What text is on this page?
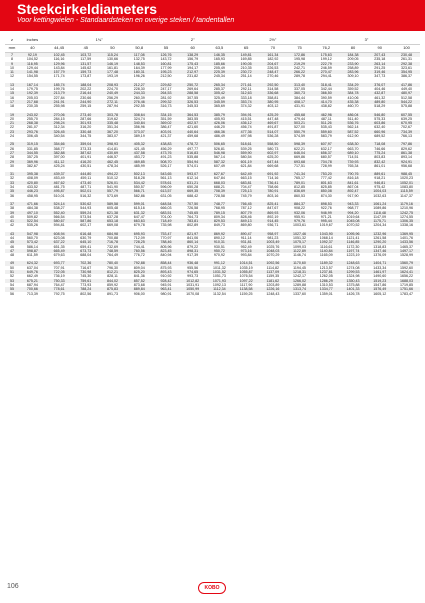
Steekcirkeldiameters
Voor kettingwielen - Standaardsteken en overige steken / tandentallen
z	inches	1¾"				2"			2½"			3"			
mm	40	44,45	45	50	50,8	55	60	63,5	65	70	75	76,2	80	90	100
7	92,19	102,45	103,72	115,24	117,08	126,76	138,29	146,35	149,81	161,34	172,86	175,63	184,38	207,43	230,48
8	104,52	116,16	117,59	130,66	132,75	143,72	156,79	165,93	169,85	182,92	195,98	199,12	209,05	235,18	261,31
9	116,95	129,96	131,57	146,19	148,53	160,81	175,43	185,66	190,05	204,67	219,29	222,79	233,90	263,14	292,38
10	129,44	143,84	145,62	161,81	164,39	177,99	194,17	205,49	210,35	226,53	242,71	246,59	258,89	291,25	323,61
11	141,98	157,79	159,73	177,48	180,31	195,23	212,97	225,39	230,72	248,47	266,22	270,47	283,96	319,46	354,95
12	154,55	171,74	173,87	193,19	196,26	212,50	231,82	245,34	251,14	270,46	289,78	294,41	309,10	347,73	386,37

13	167,14	185,74	188,04	208,93	212,27	229,82	250,72	265,34	271,61	292,50	313,40	318,41	334,29	376,07	417,86
14	179,75	199,76	202,22	224,70	228,30	247,17	269,64	285,37	292,11	314,58	337,05	342,44	359,52	404,46	449,40
15	192,39	213,79	216,44	240,49	244,33	264,53	288,58	305,42	312,63	336,68	360,73	366,50	384,78	432,87	480,97
16	205,03	227,84	230,66	256,29	260,39	281,92	307,55	325,49	333,18	358,81	384,44	390,59	410,06	461,32	512,58
17	217,68	241,91	244,90	272,11	276,46	299,32	326,53	345,59	353,74	380,95	408,17	414,70	435,38	489,80	544,22
18	230,35	255,98	259,15	287,94	292,55	316,73	345,53	365,69	374,32	403,12	431,91	438,82	460,70	518,29	575,88

19	243,02	270,06	273,40	303,78	308,64	334,15	364,53	385,79	394,91	425,29	455,68	462,96	486,04	546,80	607,55
20	255,70	284,15	287,66	319,62	324,74	351,59	383,55	405,93	415,51	447,48	479,44	487,11	511,40	575,33	639,25
21	268,38	298,24	301,93	335,48	340,84	369,02	402,57	426,06	436,12	469,67	503,21	511,26	536,76	603,86	670,95
22	281,07	312,34	316,20	351,34	356,96	386,47	421,60	446,20	456,74	491,87	527,00	535,43	562,14	632,40	702,67
23	293,76	326,45	330,48	367,20	373,07	403,91	440,64	466,36	477,36	514,07	550,79	559,60	587,52	660,96	734,39
24	306,45	340,54	344,75	383,07	389,19	421,37	459,68	486,49	497,98	536,28	574,59	583,79	612,90	689,52	766,13

25	319,15	354,66	359,04	398,93	405,32	438,83	478,72	506,65	518,61	558,50	598,39	607,97	638,30	718,08	797,86
26	331,85	368,77	373,33	414,81	421,45	456,29	497,77	526,81	539,25	580,73	622,21	632,17	663,70	746,66	829,62
27	344,55	382,88	387,62	430,69	437,58	473,76	516,83	546,98	559,90	602,97	646,04	656,37	689,10	775,24	861,38
28	357,25	397,00	401,91	446,57	453,72	491,23	535,88	567,14	580,54	625,20	669,86	680,57	714,51	803,83	893,14
29	369,96	411,12	416,20	462,45	469,85	508,70	554,94	587,32	601,19	647,44	693,68	704,78	739,93	832,42	924,91
30	382,67	425,24	430,51	478,34	485,99	526,17	574,01	607,49	621,84	669,68	717,51	728,99	765,34	861,01	956,68

31	395,38	439,37	444,80	494,22	502,13	543,65	593,07	627,67	642,49	691,92	741,34	753,20	790,76	889,61	988,45
32	408,09	453,49	459,11	510,12	518,28	561,13	612,14	647,84	663,15	714,16	765,17	777,42	816,18	918,21	1020,23
33	420,80	467,62	473,40	526,01	534,42	578,61	631,21	668,03	683,81	736,41	789,01	801,63	841,61	946,81	1052,01
34	433,52	481,75	487,71	541,90	550,57	596,09	650,28	688,21	704,47	758,66	812,85	825,85	867,04	975,42	1083,80
35	446,23	495,87	502,01	557,79	566,71	613,57	669,35	708,39	725,13	780,91	836,69	850,08	892,47	1004,03	1115,59
36	458,95	510,01	516,32	573,69	582,86	631,05	688,42	728,58	745,79	803,16	860,53	874,30	917,90	1032,63	1147,37

37	471,66	524,14	530,62	589,58	599,01	648,54	707,50	748,77	766,45	825,41	884,37	898,53	943,33	1061,24	1179,16
38	484,38	538,27	544,93	605,48	615,16	666,03	726,58	768,95	787,12	847,67	908,22	922,76	968,77	1089,86	1210,96
39	497,10	552,40	559,24	621,38	631,32	683,51	745,65	789,15	807,79	869,93	932,06	946,99	994,20	1118,48	1242,75
40	509,82	566,54	573,54	637,28	647,47	701,00	764,73	809,34	828,46	892,19	955,91	971,21	1019,64	1147,09	1274,55
41	522,54	580,67	587,86	653,18	663,63	718,49	783,81	829,53	849,13	914,45	979,76	995,44	1045,08	1175,71	1306,35
42	535,26	594,81	602,17	669,08	679,78	735,98	802,89	849,73	869,80	936,71	1003,61	1019,67	1070,52	1204,34	1338,16

43	547,98	608,94	616,48	684,98	695,93	753,47	821,97	869,92	890,47	958,97	1027,46	1043,90	1095,96	1232,96	1369,95
44	560,70	623,08	630,79	700,88	712,09	770,97	841,06	890,12	911,14	981,23	1051,32	1068,14	1121,41	1261,58	1401,76
45	573,42	637,22	645,10	716,78	728,25	788,46	860,14	910,31	931,81	1003,49	1075,17	1092,37	1146,85	1290,20	1433,56
46	586,14	651,35	659,41	732,69	744,41	805,96	879,22	930,51	952,49	1025,76	1099,03	1116,61	1172,30	1318,83	1465,37
47	598,87	665,49	673,73	748,59	760,56	823,45	898,31	950,72	973,16	1048,03	1122,89	1140,84	1197,74	1347,46	1497,17
48	611,59	679,63	688,04	764,49	776,72	840,94	917,39	970,92	993,84	1070,29	1146,74	1165,09	1223,19	1376,09	1528,99

49	624,32	693,77	702,36	780,40	792,88	858,44	936,48	991,12	1014,51	1092,56	1170,60	1189,32	1248,63	1404,71	1560,79
50	637,04	707,91	716,67	796,30	809,04	875,93	955,56	1011,32	1035,19	1114,82	1194,45	1213,57	1274,08	1433,34	1592,60
51	649,76	722,05	730,98	812,21	825,20	893,43	974,65	1031,52	1055,87	1137,09	1218,31	1237,81	1299,53	1461,97	1624,41
52	662,49	736,19	745,30	828,11	841,36	910,92	993,73	1051,73	1076,54	1159,35	1242,17	1262,05	1324,98	1490,60	1656,22
53	675,21	750,33	759,61	844,02	857,52	928,42	1012,82	1071,93	1097,22	1181,62	1266,02	1286,29	1350,43	1519,23	1688,03
54	687,94	764,47	773,93	859,92	873,68	945,91	1031,91	1092,13	1117,90	1203,89	1289,88	1310,53	1375,88	1547,86	1719,85
55	700,66	778,61	788,24	875,83	889,84	963,41	1050,99	1112,34	1138,58	1226,16	1313,74	1334,77	1401,33	1576,49	1751,66
56	713,39	792,75	802,56	891,73	906,00	980,91	1070,08	1132,54	1159,25	1248,43	1337,60	1359,01	1426,78	1605,12	1783,47
106	KOBO
